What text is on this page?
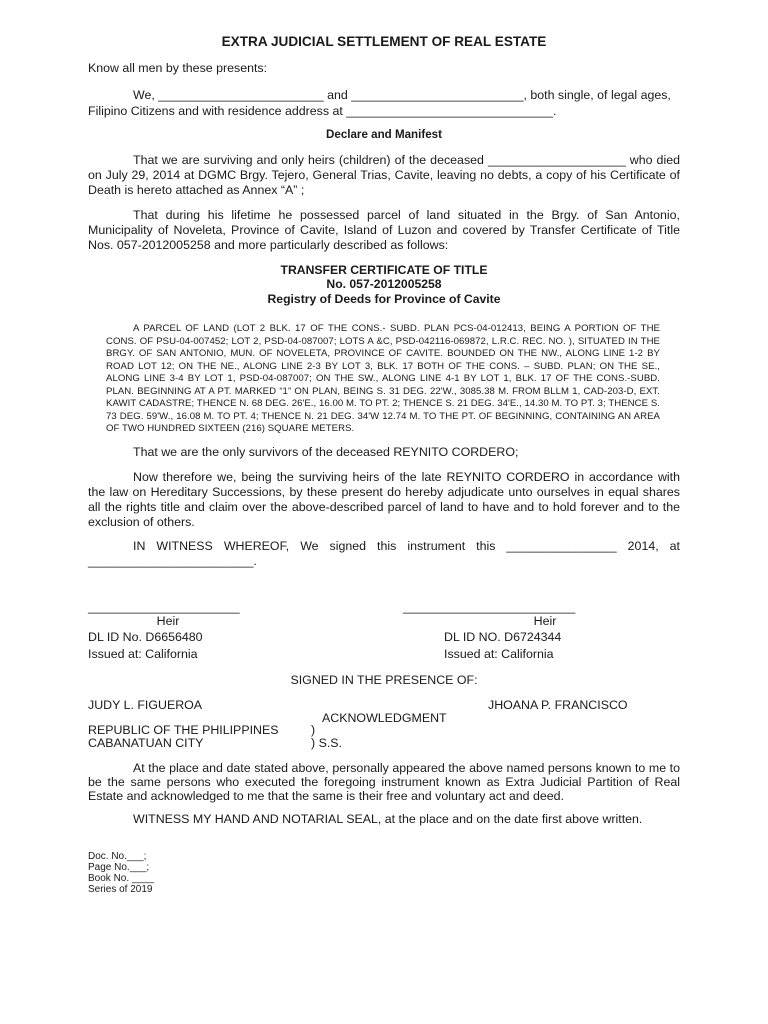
EXTRA JUDICIAL SETTLEMENT OF REAL ESTATE
Know all men by these presents:
We, ________________________ and _________________________, both single, of legal ages,
Filipino Citizens and with residence address at ______________________________.
Declare and Manifest
That we are surviving and only heirs (children) of the deceased ____________________ who died on July 29, 2014 at DGMC Brgy. Tejero, General Trias, Cavite, leaving no debts, a copy of his Certificate of Death is hereto attached as Annex “A” ;
That during his lifetime he possessed parcel of land situated in the Brgy. of San Antonio, Municipality of Noveleta, Province of Cavite, Island of Luzon and covered by Transfer Certificate of Title Nos. 057-2012005258 and more particularly described as follows:
TRANSFER CERTIFICATE OF TITLE
No. 057-2012005258
Registry of Deeds for Province of Cavite
A PARCEL OF LAND (LOT 2 BLK. 17 OF THE CONS.- SUBD. PLAN PCS-04-012413, BEING A PORTION OF THE CONS. OF PSU-04-007452; LOT 2, PSD-04-087007; LOTS A &C, PSD-042116-069872, L.R.C. REC. NO. ), SITUATED IN THE BRGY. OF SAN ANTONIO, MUN. OF NOVELETA, PROVINCE OF CAVITE. BOUNDED ON THE NW., ALONG LINE 1-2 BY ROAD LOT 12; ON THE NE., ALONG LINE 2-3 BY LOT 3, BLK. 17 BOTH OF THE CONS. – SUBD. PLAN; ON THE SE., ALONG LINE 3-4 BY LOT 1, PSD-04-087007; ON THE SW., ALONG LINE 4-1 BY LOT 1, BLK. 17 OF THE CONS.-SUBD. PLAN. BEGINNING AT A PT. MARKED “1” ON PLAN, BEING S. 31 DEG. 22'W., 3085.38 M. FROM BLLM 1, CAD-203-D, EXT. KAWIT CADASTRE; THENCE N. 68 DEG. 26'E., 16.00 M. TO PT. 2; THENCE S. 21 DEG. 34'E., 14.30 M. TO PT. 3; THENCE S. 73 DEG. 59'W., 16.08 M. TO PT. 4; THENCE N. 21 DEG. 34'W 12.74 M. TO THE PT. OF BEGINNING, CONTAINING AN AREA OF TWO HUNDRED SIXTEEN (216) SQUARE METERS.
That we are the only survivors of the deceased REYNITO CORDERO;
Now therefore we, being the surviving heirs of the late REYNITO CORDERO in accordance with the law on Hereditary Successions, by these present do hereby adjudicate unto ourselves in equal shares all the rights title and claim over the above-described parcel of land to have and to hold forever and to the exclusion of others.
IN WITNESS WHEREOF, We signed this instrument this ________________ 2014, at
________________________.
______________________
Heir
DL ID No. D6656480
Issued at: California
_________________________
Heir
DL ID NO. D6724344
Issued at: California
SIGNED IN THE PRESENCE OF:
JUDY L. FIGUEROA	JHOANA P. FRANCISCO
ACKNOWLEDGMENT
REPUBLIC OF THE PHILIPPINES	)
CABANATUAN CITY	) S.S.
At the place and date stated above, personally appeared the above named persons known to me to be the same persons who executed the foregoing instrument known as Extra Judicial Partition of Real Estate and acknowledged to me that the same is their free and voluntary act and deed.
WITNESS MY HAND AND NOTARIAL SEAL, at the place and on the date first above written.
Doc. No.___;
Page No.___;
Book No. ____
Series of 2019
